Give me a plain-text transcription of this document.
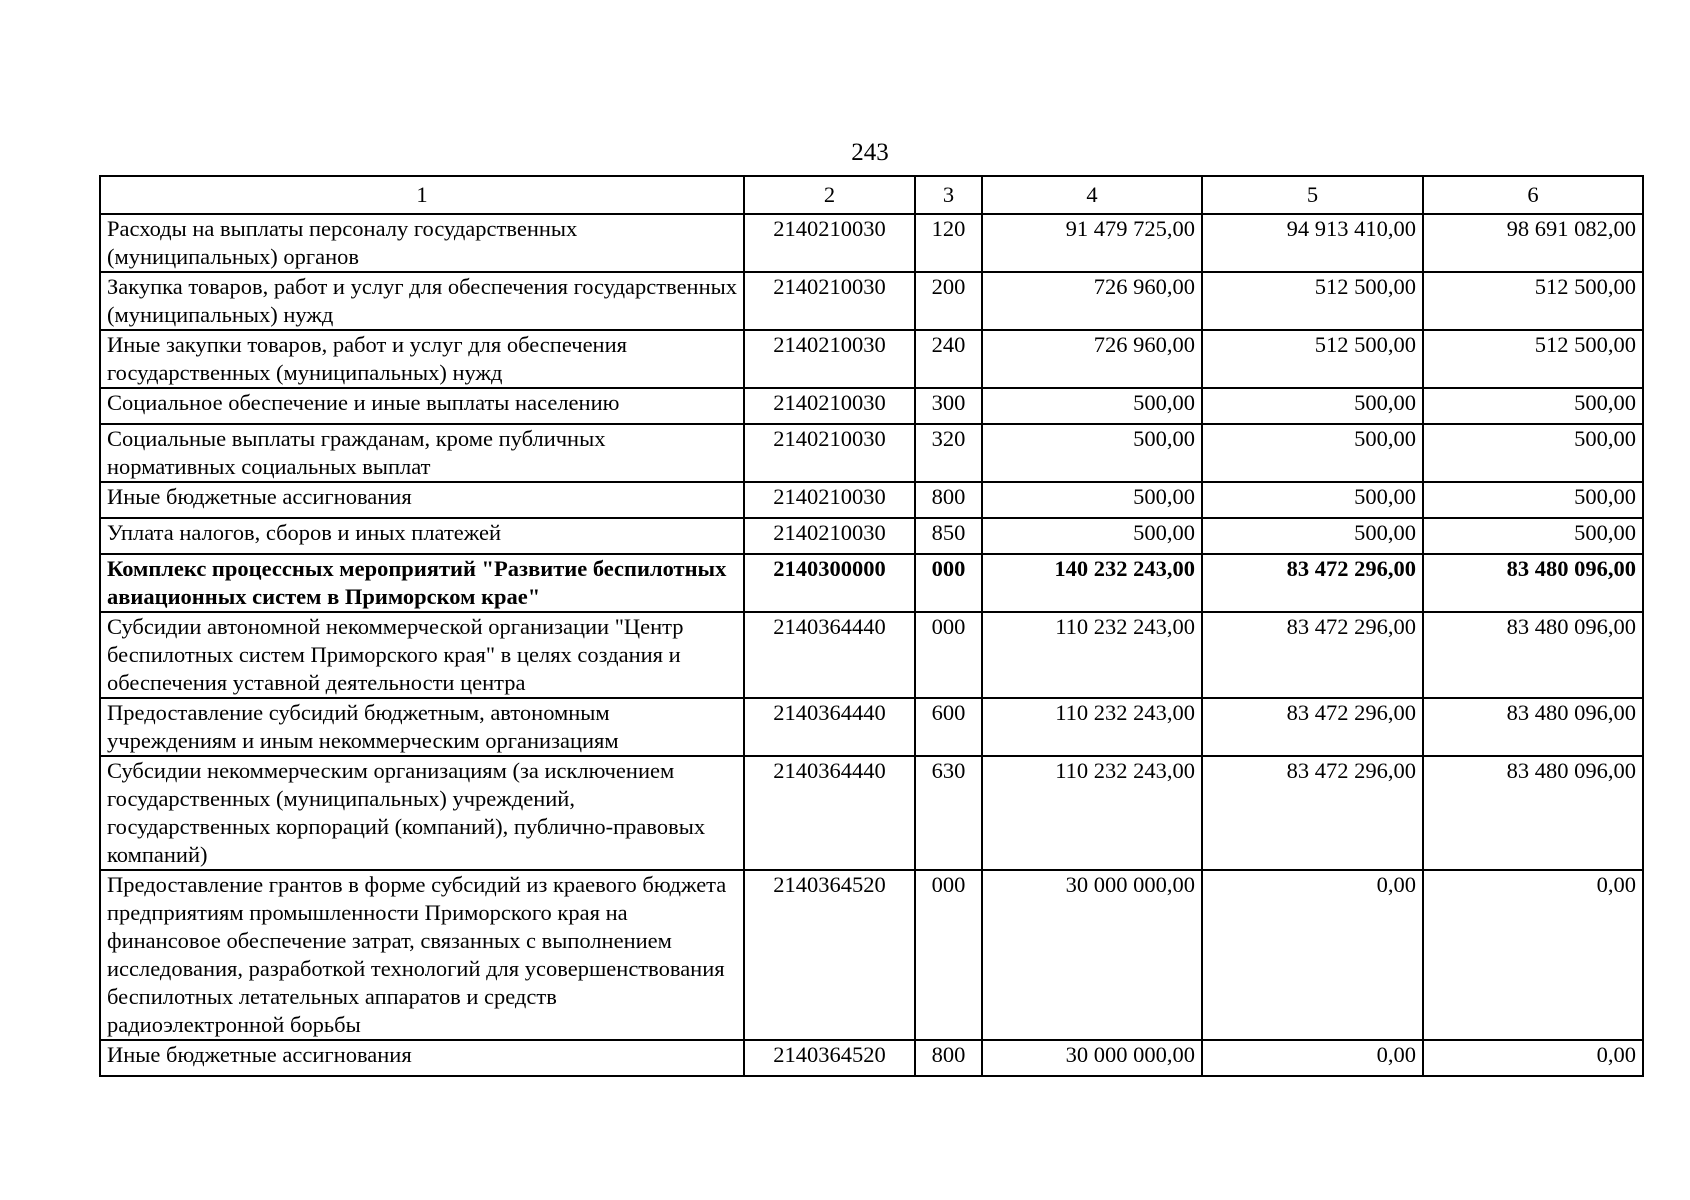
243
1	2	3	4	5	6
Расходы на выплаты персоналу государственных (муниципальных) органов	2140210030	120	91 479 725,00	94 913 410,00	98 691 082,00
Закупка товаров, работ и услуг для обеспечения государственных (муниципальных) нужд	2140210030	200	726 960,00	512 500,00	512 500,00
Иные закупки товаров, работ и услуг для обеспечения государственных (муниципальных) нужд	2140210030	240	726 960,00	512 500,00	512 500,00
Социальное обеспечение и иные выплаты населению	2140210030	300	500,00	500,00	500,00
Социальные выплаты гражданам, кроме публичных нормативных социальных выплат	2140210030	320	500,00	500,00	500,00
Иные бюджетные ассигнования	2140210030	800	500,00	500,00	500,00
Уплата налогов, сборов и иных платежей	2140210030	850	500,00	500,00	500,00
Комплекс процессных мероприятий "Развитие беспилотных авиационных систем в Приморском крае"	2140300000	000	140 232 243,00	83 472 296,00	83 480 096,00
Субсидии автономной некоммерческой организации "Центр беспилотных систем Приморского края" в целях создания и обеспечения уставной деятельности центра	2140364440	000	110 232 243,00	83 472 296,00	83 480 096,00
Предоставление субсидий бюджетным, автономным учреждениям и иным некоммерческим организациям	2140364440	600	110 232 243,00	83 472 296,00	83 480 096,00
Субсидии некоммерческим организациям (за исключением государственных (муниципальных) учреждений, государственных корпораций (компаний), публично-правовых компаний)	2140364440	630	110 232 243,00	83 472 296,00	83 480 096,00
Предоставление грантов в форме субсидий из краевого бюджета предприятиям промышленности Приморского края на финансовое обеспечение затрат, связанных с выполнением исследования, разработкой технологий для усовершенствования беспилотных летательных аппаратов и средств радиоэлектронной борьбы	2140364520	000	30 000 000,00	0,00	0,00
Иные бюджетные ассигнования	2140364520	800	30 000 000,00	0,00	0,00
